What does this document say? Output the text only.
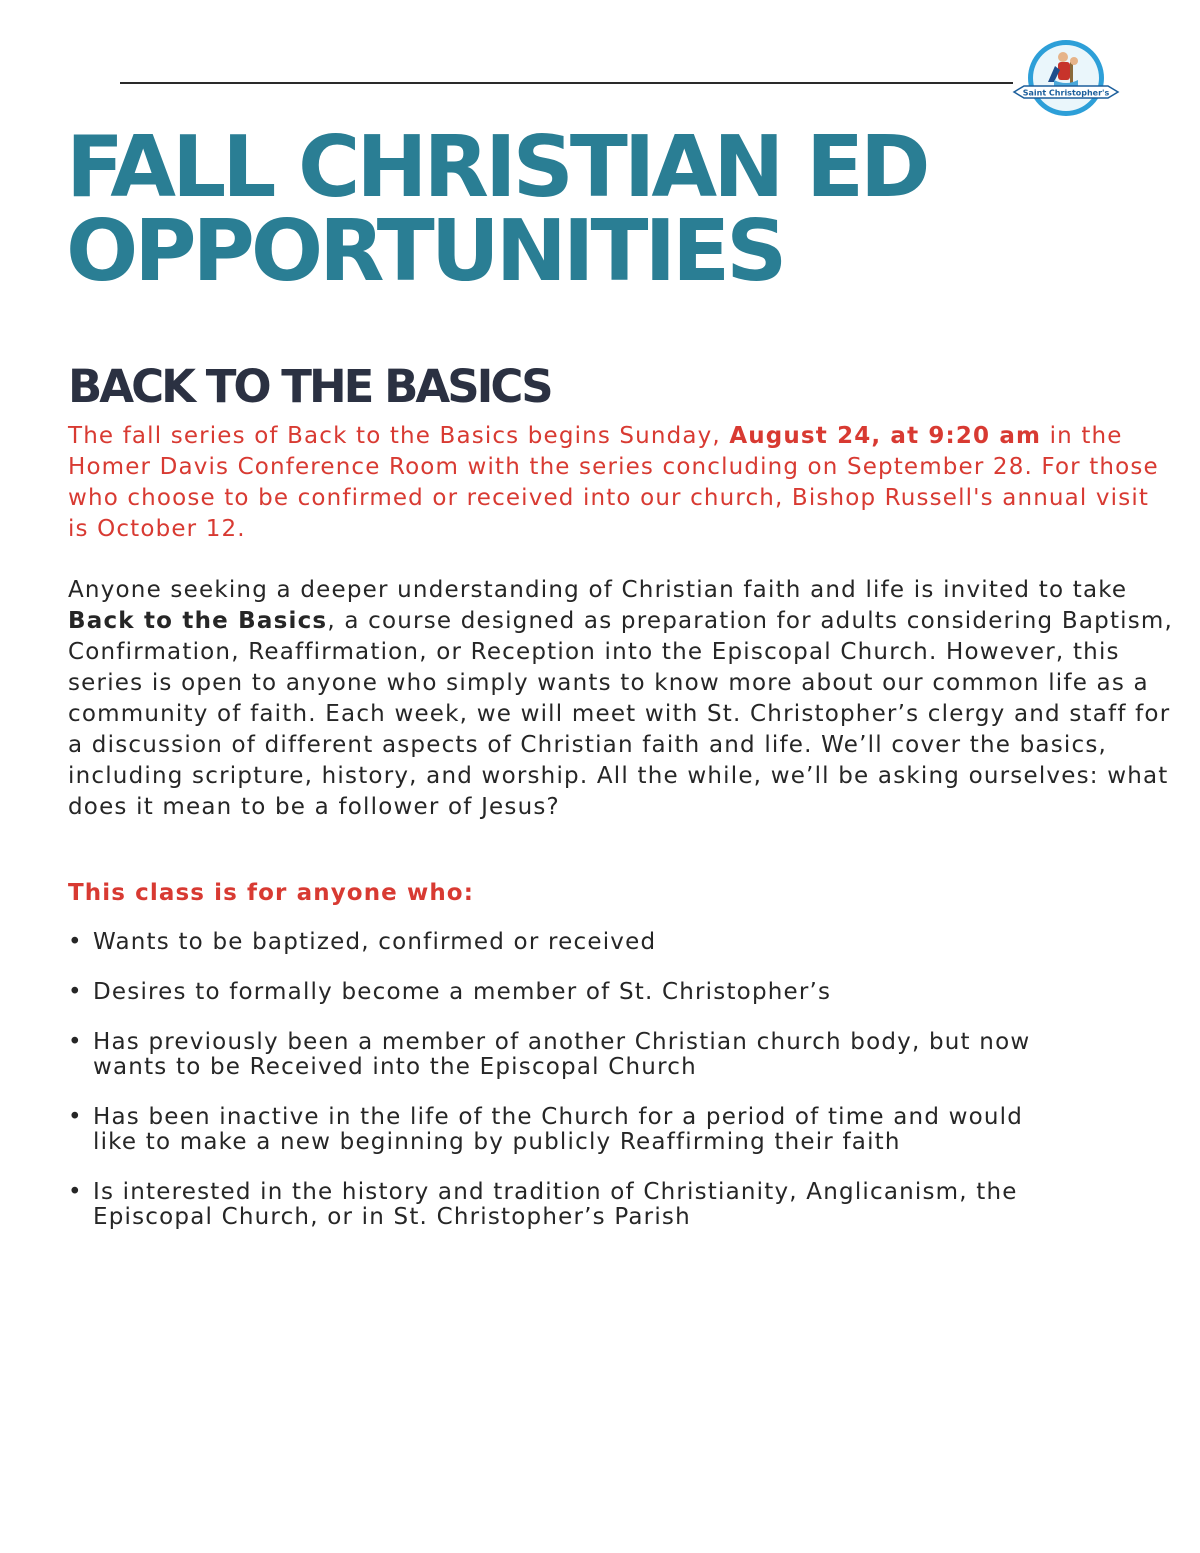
Saint Christopher's
FALL CHRISTIAN ED
OPPORTUNITIES
BACK TO THE BASICS

The fall series of Back to the Basics begins Sunday, August 24, at 9:20 am in the Homer Davis Conference Room with the series concluding on September 28. For those who choose to be confirmed or received into our church, Bishop Russell's annual visit is October 12.

Anyone seeking a deeper understanding of Christian faith and life is invited to take Back to the Basics, a course designed as preparation for adults considering Baptism, Confirmation, Reaffirmation, or Reception into the Episcopal Church. However, this series is open to anyone who simply wants to know more about our common life as a community of faith. Each week, we will meet with St. Christopher’s clergy and staff for a discussion of different aspects of Christian faith and life. We’ll cover the basics, including scripture, history, and worship. All the while, we’ll be asking ourselves: what does it mean to be a follower of Jesus?

This class is for anyone who:
• Wants to be baptized, confirmed or received
• Desires to formally become a member of St. Christopher’s
• Has previously been a member of another Christian church body, but now wants to be Received into the Episcopal Church
• Has been inactive in the life of the Church for a period of time and would like to make a new beginning by publicly Reaffirming their faith
• Is interested in the history and tradition of Christianity, Anglicanism, the Episcopal Church, or in St. Christopher’s Parish
